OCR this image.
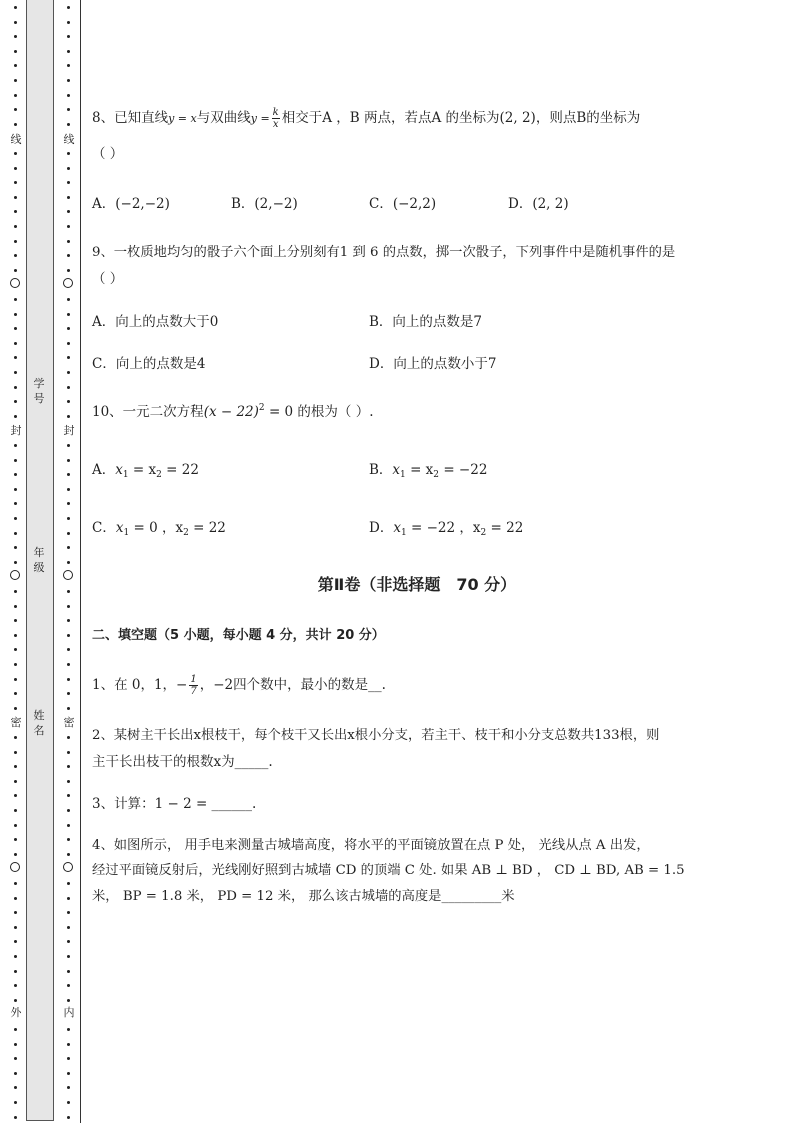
线
封
密
外
学号
年级
姓名
线
封
密
内
8、已知直线y = x与双曲线$y = \frac{k}{x}$ 相交于A ，B 两点，若点A 的坐标为(2, 2)，则点B的坐标为
（ ）
A．(−2,−2)	B．(2,−2)	C．(−2,2)	D．(2, 2)
9、一枚质地均匀的骰子六个面上分别刻有1 到 6 的点数，掷一次骰子，下列事件中是随机事件的是
（ ）
A．向上的点数大于0	B．向上的点数是7
C．向上的点数是4	D．向上的点数小于7
10、一元二次方程$(x - 22)^2 = 0$ 的根为（ ）.
A．$x_1 = x_2 = 22$	B．$x_1 = x_2 = -22$
C．$x_1 = 0$ ，$x_2 = 22$	D．$x_1 = -22$ ，$x_2 = 22$
第Ⅱ卷（非选择题　70 分）
二、填空题（5 小题，每小题 4 分，共计 20 分）
1、在 0，1，− $\frac{1}{7}$ ，−2四个数中，最小的数是__.
2、某树主干长出x根枝干，每个枝干又长出x根小分支，若主干、枝干和小分支总数共133根，则
主干长出枝干的根数x为_____.
3、计算：1 − 2 = ______.
4、如图所示， 用手电来测量古城墙高度，将水平的平面镜放置在点 P 处， 光线从点 A 出发，
经过平面镜反射后，光线刚好照到古城墙 CD 的顶端 C 处. 如果 AB ⊥ BD ， CD ⊥ BD, AB = 1.5
米， BP = 1.8 米， PD = 12 米， 那么该古城墙的高度是_________米
